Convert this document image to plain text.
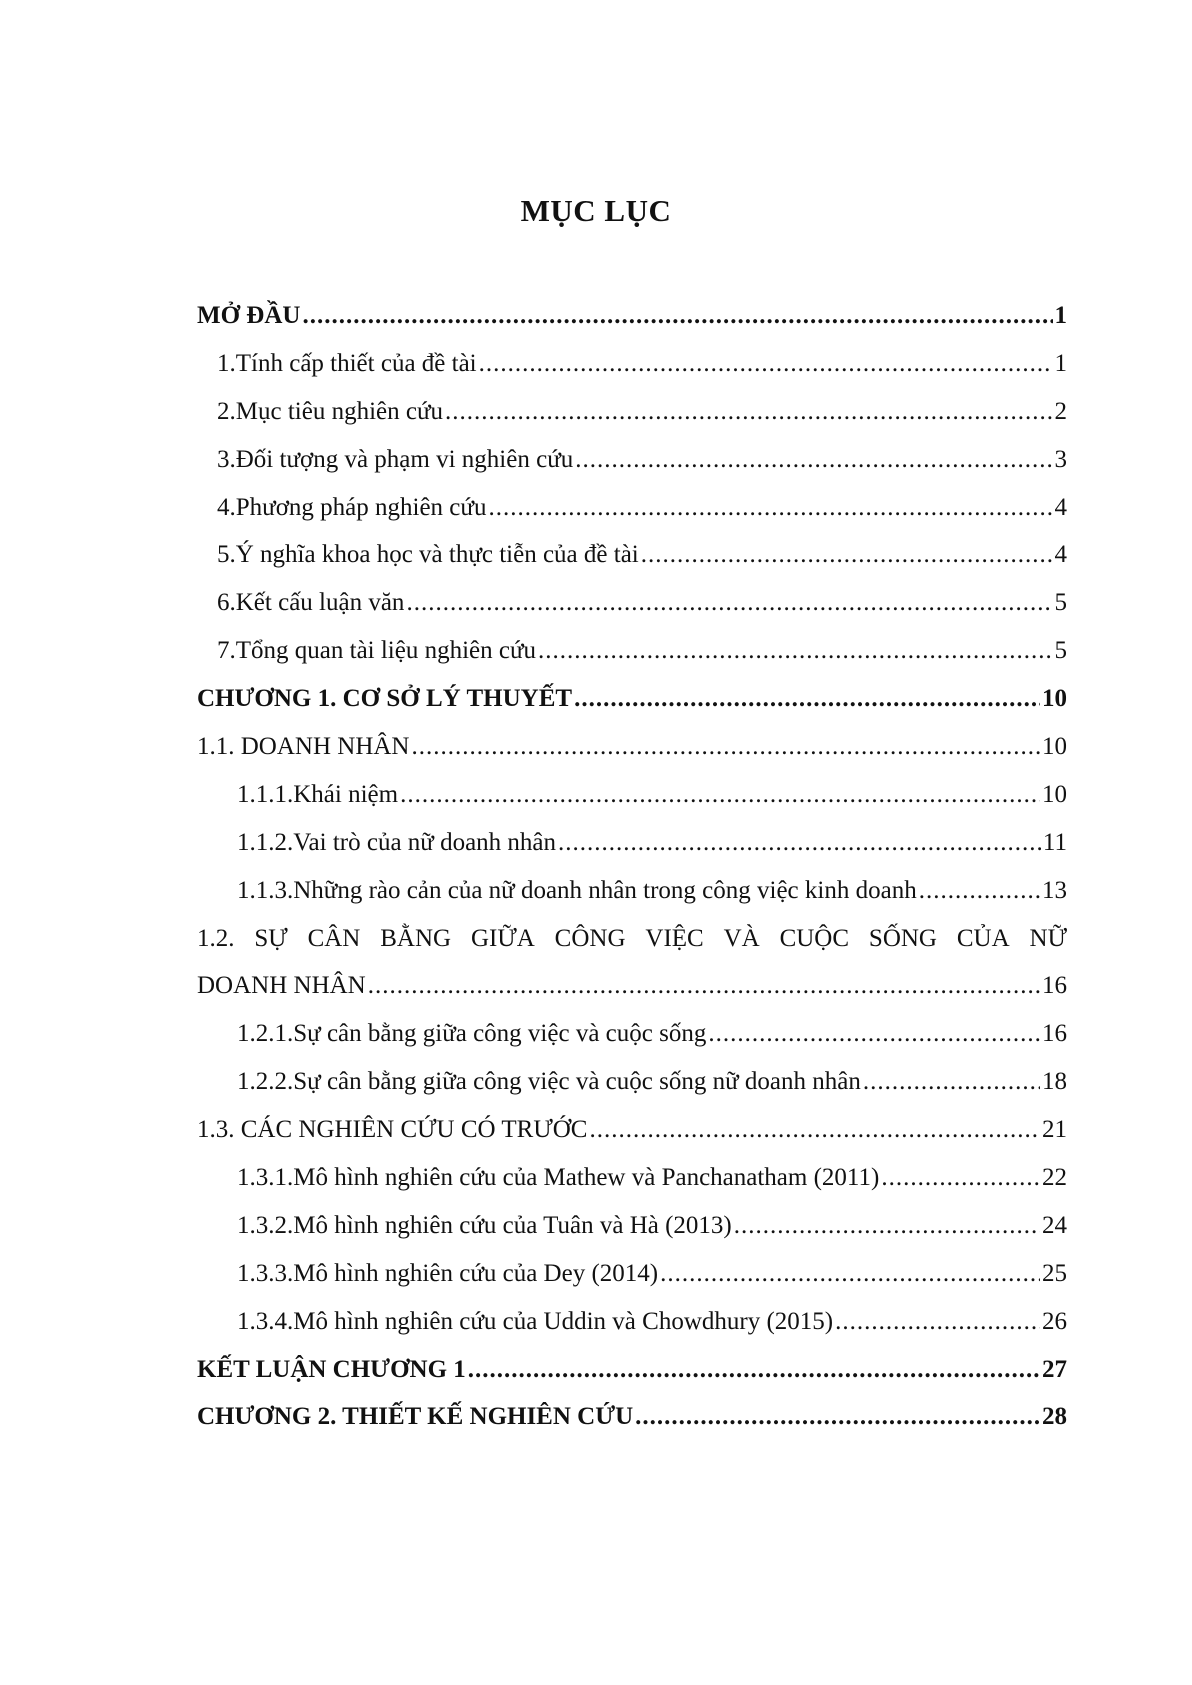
MỤC LỤC
MỞ ĐẦU .....	1
1. Tính cấp thiết của đề tài .....	1
2. Mục tiêu nghiên cứu .....	2
3. Đối tượng và phạm vi nghiên cứu .....	3
4. Phương pháp nghiên cứu .....	4
5. Ý nghĩa khoa học và thực tiễn của đề tài .....	4
6. Kết cấu luận văn .....	5
7. Tổng quan tài liệu nghiên cứu .....	5
CHƯƠNG 1. CƠ SỞ LÝ THUYẾT .....	10
1.1. DOANH NHÂN .....	10
1.1.1. Khái niệm .....	10
1.1.2. Vai trò của nữ doanh nhân .....	11
1.1.3. Những rào cản của nữ doanh nhân trong công việc kinh doanh .....	13
1.2. SỰ CÂN BẰNG GIỮA CÔNG VIỆC VÀ CUỘC SỐNG CỦA NỮ
DOANH NHÂN .....	16
1.2.1. Sự cân bằng giữa công việc và cuộc sống .....	16
1.2.2. Sự cân bằng giữa công việc và cuộc sống nữ doanh nhân .....	18
1.3. CÁC NGHIÊN CỨU CÓ TRƯỚC .....	21
1.3.1. Mô hình nghiên cứu của Mathew và Panchanatham (2011) .....	22
1.3.2. Mô hình nghiên cứu của Tuân và Hà (2013) .....	24
1.3.3. Mô hình nghiên cứu của Dey (2014) .....	25
1.3.4. Mô hình nghiên cứu của Uddin và Chowdhury (2015) .....	26
KẾT LUẬN CHƯƠNG 1 .....	27
CHƯƠNG 2. THIẾT KẾ NGHIÊN CỨU .....	28
